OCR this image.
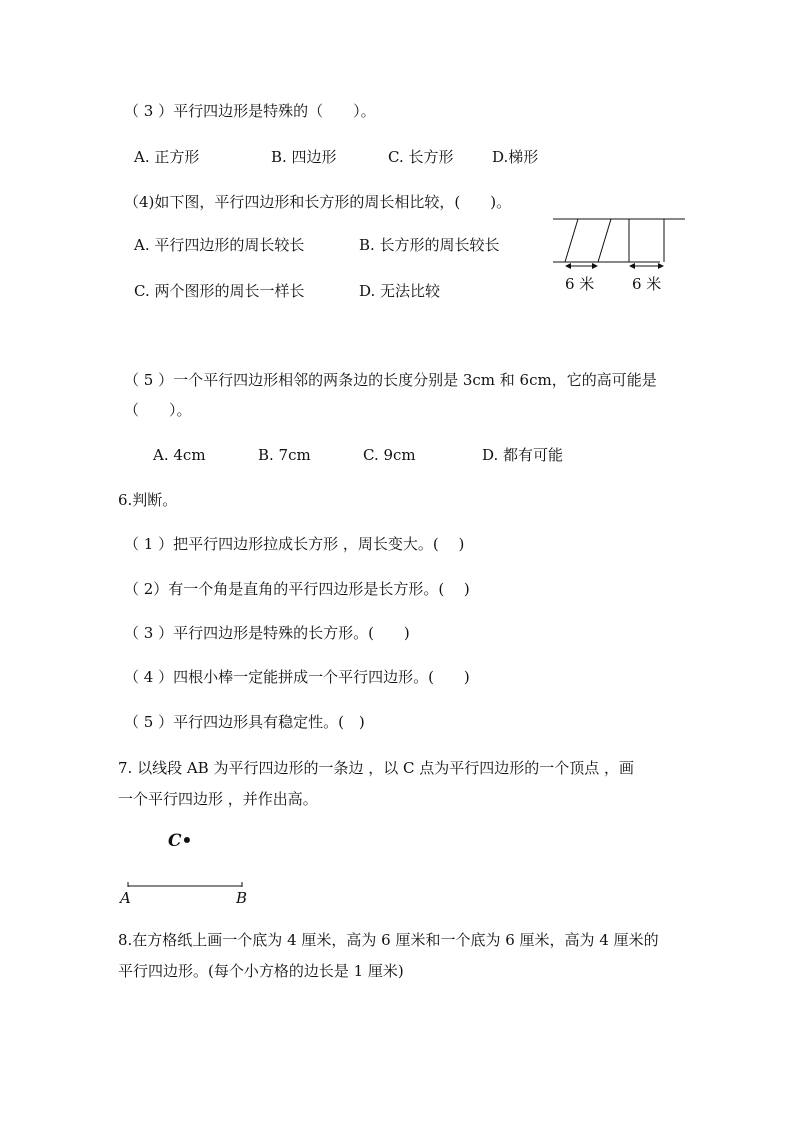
（ 3 ）平行四边形是特殊的（　　）。
A. 正方形	B. 四边形	C. 长方形	D.梯形
（4)如下图，平行四边形和长方形的周长相比较，(　　)。
A. 平行四边形的周长较长	B. 长方形的周长较长
C. 两个图形的周长一样长	D. 无法比较	6 米	6 米
（ 5 ）一个平行四边形相邻的两条边的长度分别是 3cm 和 6cm，它的高可能是
（　　）。
A. 4cm	B. 7cm	C. 9cm	D. 都有可能
6.判断。
（ 1 ）把平行四边形拉成长方形 ，周长变大。(　 )
（ 2）有一个角是直角的平行四边形是长方形。(　 )
（ 3 ）平行四边形是特殊的长方形。(　　)
（ 4 ）四根小棒一定能拼成一个平行四边形。(　　)
（ 5 ）平行四边形具有稳定性。(　)
7. 以线段 AB 为平行四边形的一条边 ，以 C 点为平行四边形的一个顶点 ，画
一个平行四边形 ，并作出高。
C•
A	B
8.在方格纸上画一个底为 4 厘米，高为 6 厘米和一个底为 6 厘米，高为 4 厘米的
平行四边形。(每个小方格的边长是 1 厘米)
